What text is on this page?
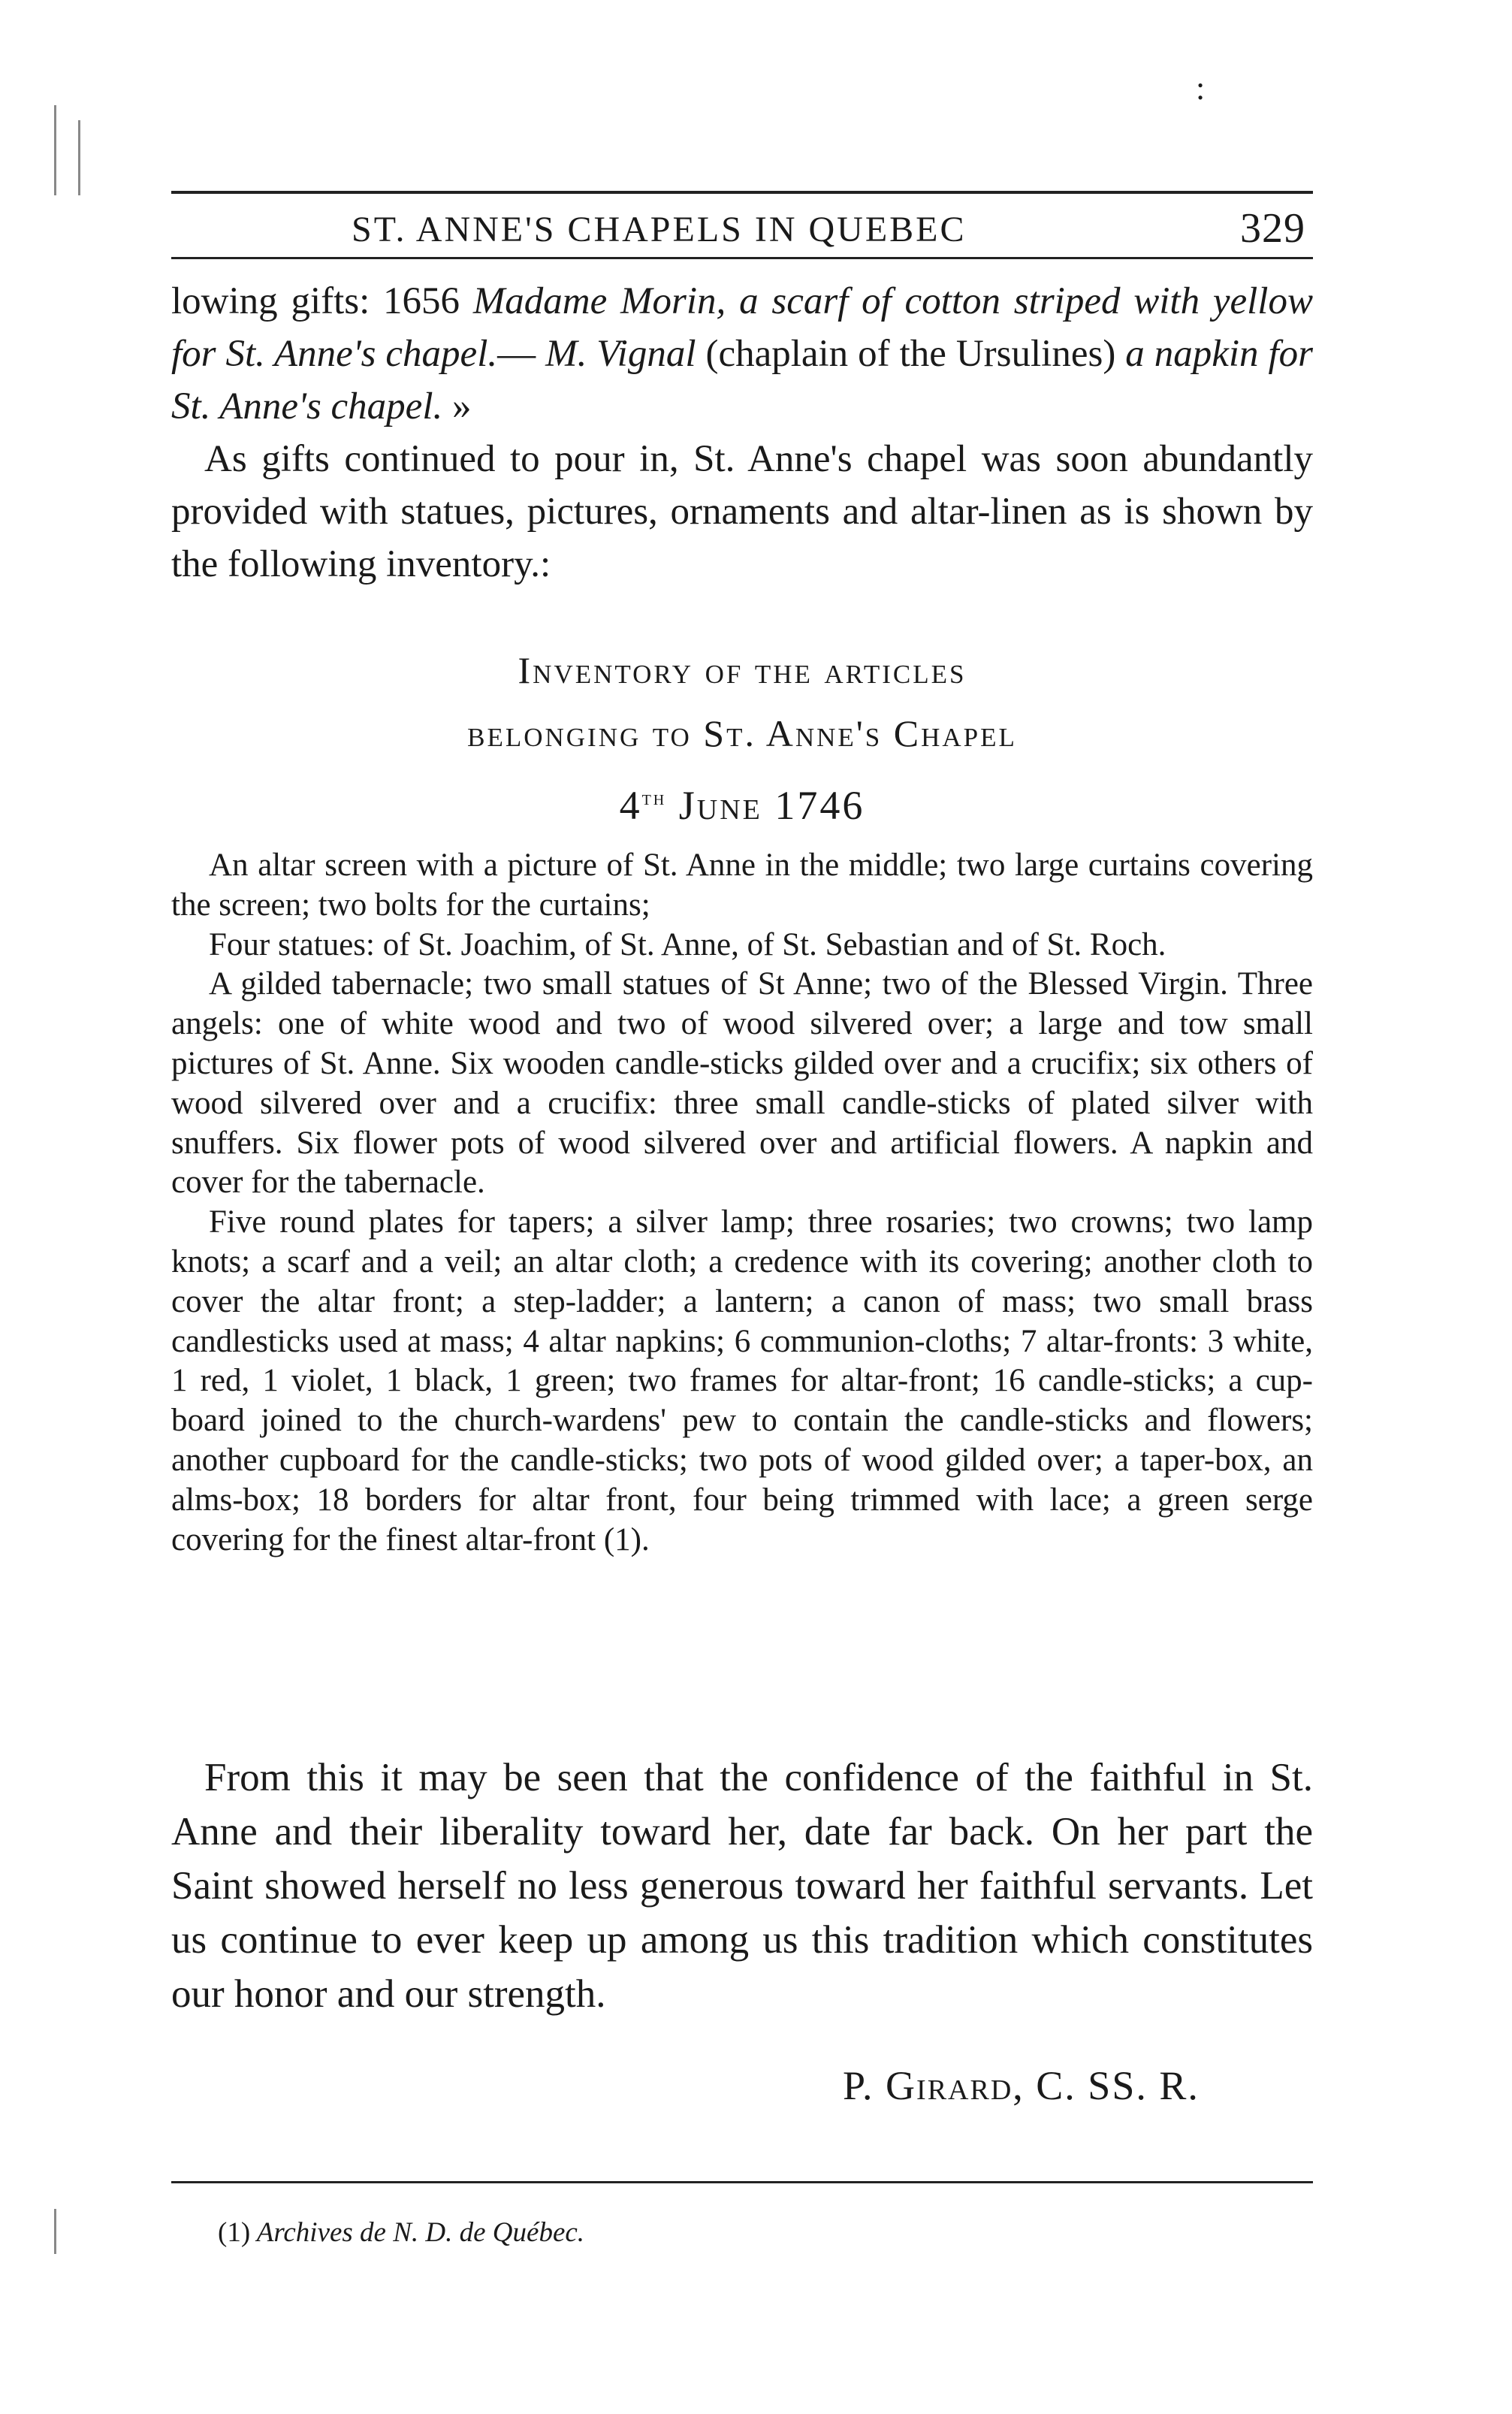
:
ST. ANNE'S CHAPELS IN QUEBEC	329

lowing gifts: 1656 Madame Morin, a scarf of cotton striped with yellow for St. Anne's chapel.— M. Vignal (chaplain of the Ursulines) a napkin for St. Anne's chapel. »

As gifts continued to pour in, St. Anne's chapel was soon abundantly provided with statues, pictures, ornaments and altar-linen as is shown by the following inventory.:

Inventory of the articles
belonging to St. Anne's Chapel
4th June 1746

An altar screen with a picture of St. Anne in the middle; two large curtains covering the screen; two bolts for the curtains;

Four statues: of St. Joachim, of St. Anne, of St. Sebastian and of St. Roch.

A gilded tabernacle; two small statues of St Anne; two of the Blessed Virgin. Three angels: one of white wood and two of wood silvered over; a large and tow small pictures of St. Anne. Six wooden candle-sticks gilded over and a crucifix; six others of wood silvered over and a crucifix: three small candle-sticks of plated silver with snuffers. Six flower pots of wood silvered over and artificial flowers. A napkin and cover for the tabernacle.

Five round plates for tapers; a silver lamp; three rosaries; two crowns; two lamp knots; a scarf and a veil; an altar cloth; a credence with its covering; another cloth to cover the altar front; a step-ladder; a lantern; a canon of mass; two small brass candlesticks used at mass; 4 altar napkins; 6 communion-cloths; 7 altar-fronts: 3 white, 1 red, 1 violet, 1 black, 1 green; two frames for altar-front; 16 candle-sticks; a cup-board joined to the church-wardens' pew to contain the candle-sticks and flowers; another cupboard for the candle-sticks; two pots of wood gilded over; a taper-box, an alms-box; 18 borders for altar front, four being trimmed with lace; a green serge covering for the finest altar-front (1).

From this it may be seen that the confidence of the faithful in St. Anne and their liberality toward her, date far back. On her part the Saint showed herself no less generous toward her faithful servants. Let us continue to ever keep up among us this tradition which constitutes our honor and our strength.

P. Girard, C. SS. R.
(1) Archives de N. D. de Québec.
